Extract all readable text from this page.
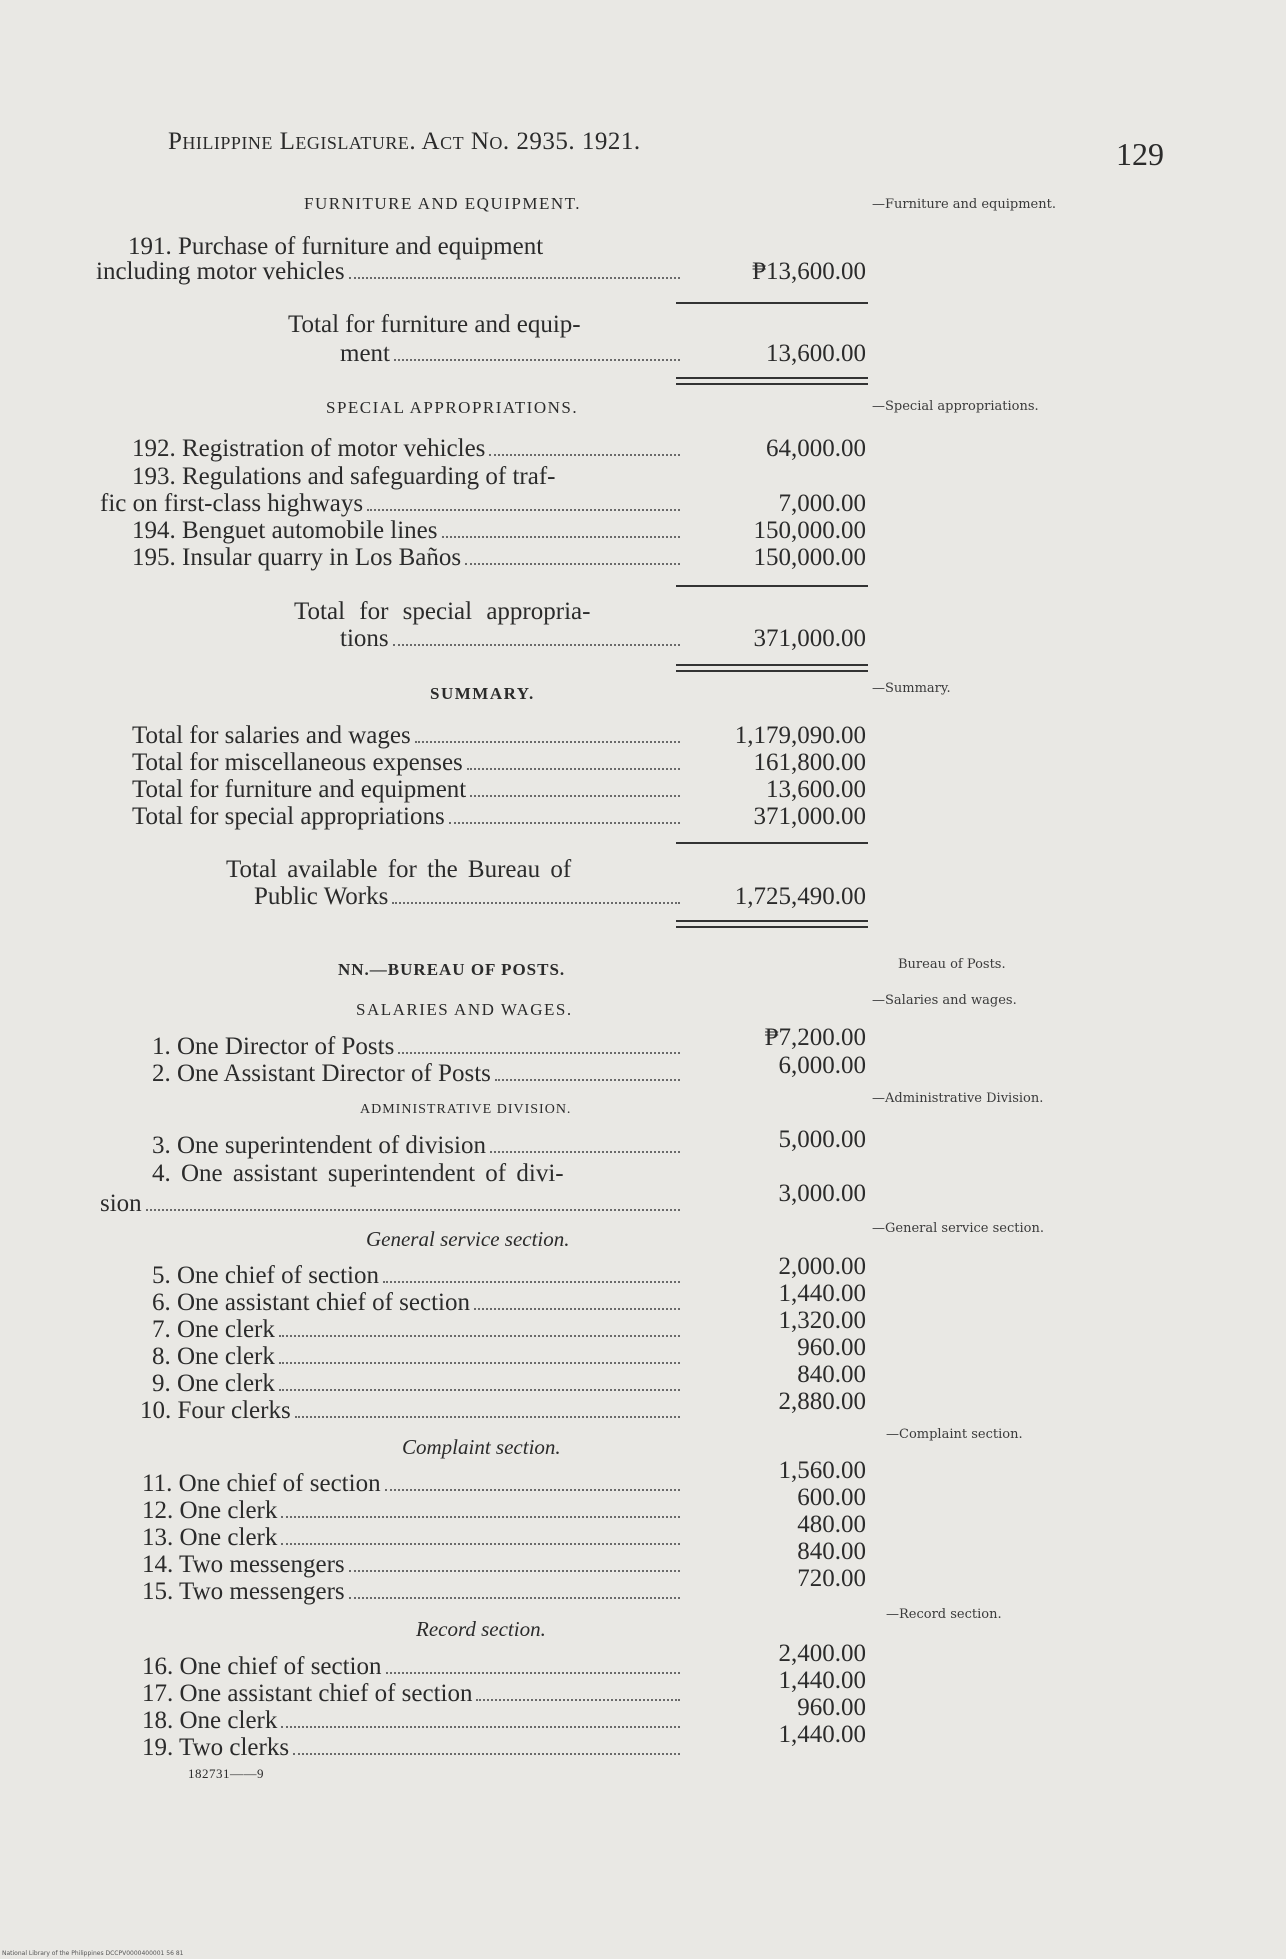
Philippine Legislature. Act No. 2935. 1921.	129
FURNITURE AND EQUIPMENT.	—Furniture and equipment.
191. Purchase of furniture and equipment
including motor vehicles	₱13,600.00
Total for furniture and equip-
ment	13,600.00
SPECIAL APPROPRIATIONS.	—Special appropriations.
192. Registration of motor vehicles	64,000.00
193. Regulations and safeguarding of traf-
fic on first-class highways	7,000.00
194. Benguet automobile lines	150,000.00
195. Insular quarry in Los Baños	150,000.00
Total for special appropria-
tions	371,000.00
SUMMARY.	—Summary.
Total for salaries and wages	1,179,090.00
Total for miscellaneous expenses	161,800.00
Total for furniture and equipment	13,600.00
Total for special appropriations	371,000.00
Total available for the Bureau of
Public Works	1,725,490.00
NN.—BUREAU OF POSTS.	Bureau of Posts.
SALARIES AND WAGES.	—Salaries and wages.
1. One Director of Posts	₱7,200.00
2. One Assistant Director of Posts	6,000.00
ADMINISTRATIVE DIVISION.
—Administrative Division.
3. One superintendent of division	5,000.00
4. One assistant superintendent of divi-
sion	3,000.00
General service section.	—General service section.
5. One chief of section	2,000.00
6. One assistant chief of section	1,440.00
7. One clerk	1,320.00
8. One clerk	960.00
9. One clerk	840.00
10. Four clerks	2,880.00
Complaint section.
—Complaint section.
11. One chief of section	1,560.00
12. One clerk	600.00
13. One clerk	480.00
14. Two messengers	840.00
15. Two messengers	720.00
Record section.
—Record section.
16. One chief of section	2,400.00
17. One assistant chief of section	1,440.00
18. One clerk	960.00
19. Two clerks	1,440.00
182731——9
National Library of the Philippines DCCPV0000400001 56 81
